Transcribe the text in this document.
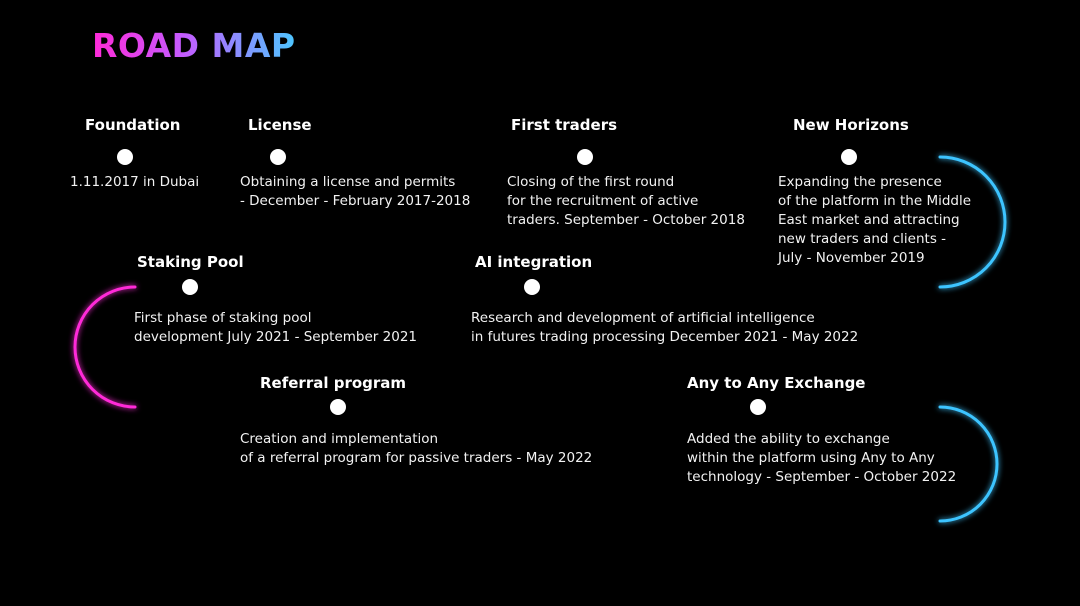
ROAD MAP
Foundation
1.11.2017 in Dubai
License
Obtaining a license and permits
- December - February 2017-2018
First traders
Closing of the first round
for the recruitment of active
traders. September - October 2018
New Horizons
Expanding the presence
of the platform in the Middle
East market and attracting
new traders and clients -
July - November 2019
Staking Pool
First phase of staking pool
development July 2021 - September 2021
AI integration
Research and development of artificial intelligence
in futures trading processing December 2021 - May 2022
Referral program
Creation and implementation
of a referral program for passive traders - May 2022
Any to Any Exchange
Added the ability to exchange
within the platform using Any to Any
technology - September - October 2022
